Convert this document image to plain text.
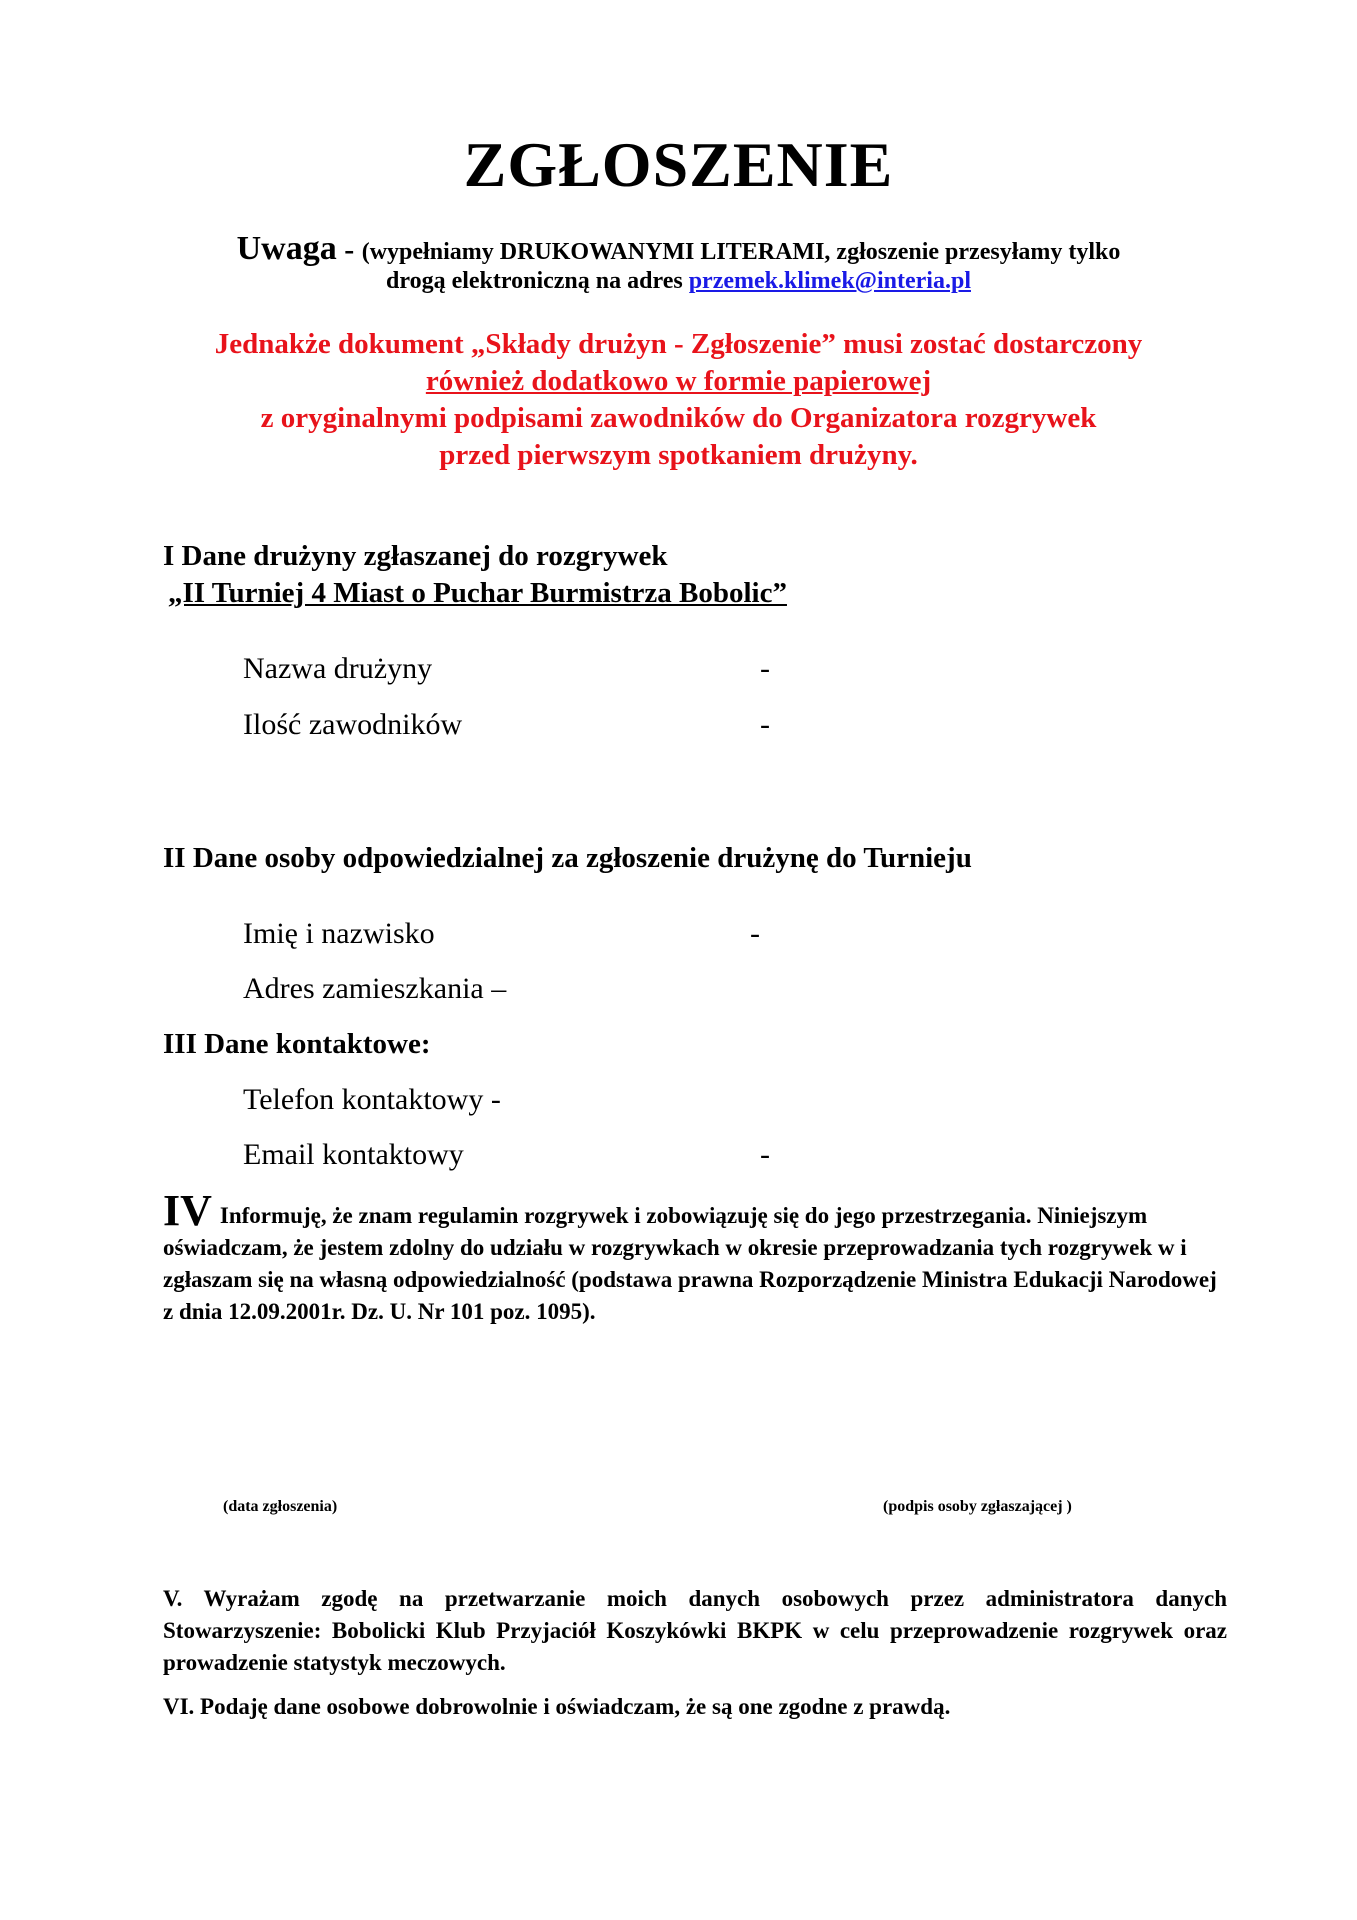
ZGŁOSZENIE
Uwaga - (wypełniamy DRUKOWANYMI LITERAMI, zgłoszenie przesyłamy tylko
drogą elektroniczną na adres przemek.klimek@interia.pl
Jednakże dokument „Składy drużyn - Zgłoszenie” musi zostać dostarczony
również dodatkowo w formie papierowej
z oryginalnymi podpisami zawodników do Organizatora rozgrywek
przed pierwszym spotkaniem drużyny.
I Dane drużyny zgłaszanej do rozgrywek
„II Turniej 4 Miast o Puchar Burmistrza Bobolic”
Nazwa drużyny	-
Ilość zawodników	-
II Dane osoby odpowiedzialnej za zgłoszenie drużynę do Turnieju
Imię i nazwisko	-
Adres zamieszkania –
III Dane kontaktowe:
Telefon kontaktowy -
Email kontaktowy	-
IV Informuję, że znam regulamin rozgrywek i zobowiązuję się do jego przestrzegania. Niniejszym oświadczam, że jestem zdolny do udziału w rozgrywkach w okresie przeprowadzania tych rozgrywek w i zgłaszam się na własną odpowiedzialność (podstawa prawna Rozporządzenie Ministra Edukacji Narodowej z dnia 12.09.2001r. Dz. U. Nr 101 poz. 1095).
(data zgłoszenia)	(podpis osoby zgłaszającej )
V. Wyrażam zgodę na przetwarzanie moich danych osobowych przez administratora danych Stowarzyszenie: Bobolicki Klub Przyjaciół Koszykówki BKPK w celu przeprowadzenie rozgrywek oraz prowadzenie statystyk meczowych.
VI. Podaję dane osobowe dobrowolnie i oświadczam, że są one zgodne z prawdą.
